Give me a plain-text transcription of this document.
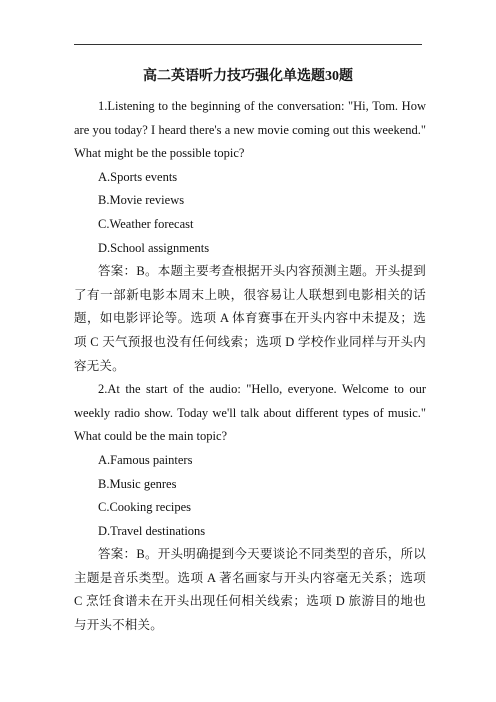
高二英语听力技巧强化单选题30题

1.Listening to the beginning of the conversation: "Hi, Tom. How are you today? I heard there's a new movie coming out this weekend." What might be the possible topic?

A.Sports events

B.Movie reviews

C.Weather forecast

D.School assignments

答案：B。本题主要考查根据开头内容预测主题。开头提到了有一部新电影本周末上映，很容易让人联想到电影相关的话题，如电影评论等。选项 A 体育赛事在开头内容中未提及；选项 C 天气预报也没有任何线索；选项 D 学校作业同样与开头内容无关。

2.At the start of the audio: "Hello, everyone. Welcome to our weekly radio show. Today we'll talk about different types of music." What could be the main topic?

A.Famous painters

B.Music genres

C.Cooking recipes

D.Travel destinations

答案：B。开头明确提到今天要谈论不同类型的音乐，所以主题是音乐类型。选项 A 著名画家与开头内容毫无关系；选项 C 烹饪食谱未在开头出现任何相关线索；选项 D 旅游目的地也与开头不相关。
